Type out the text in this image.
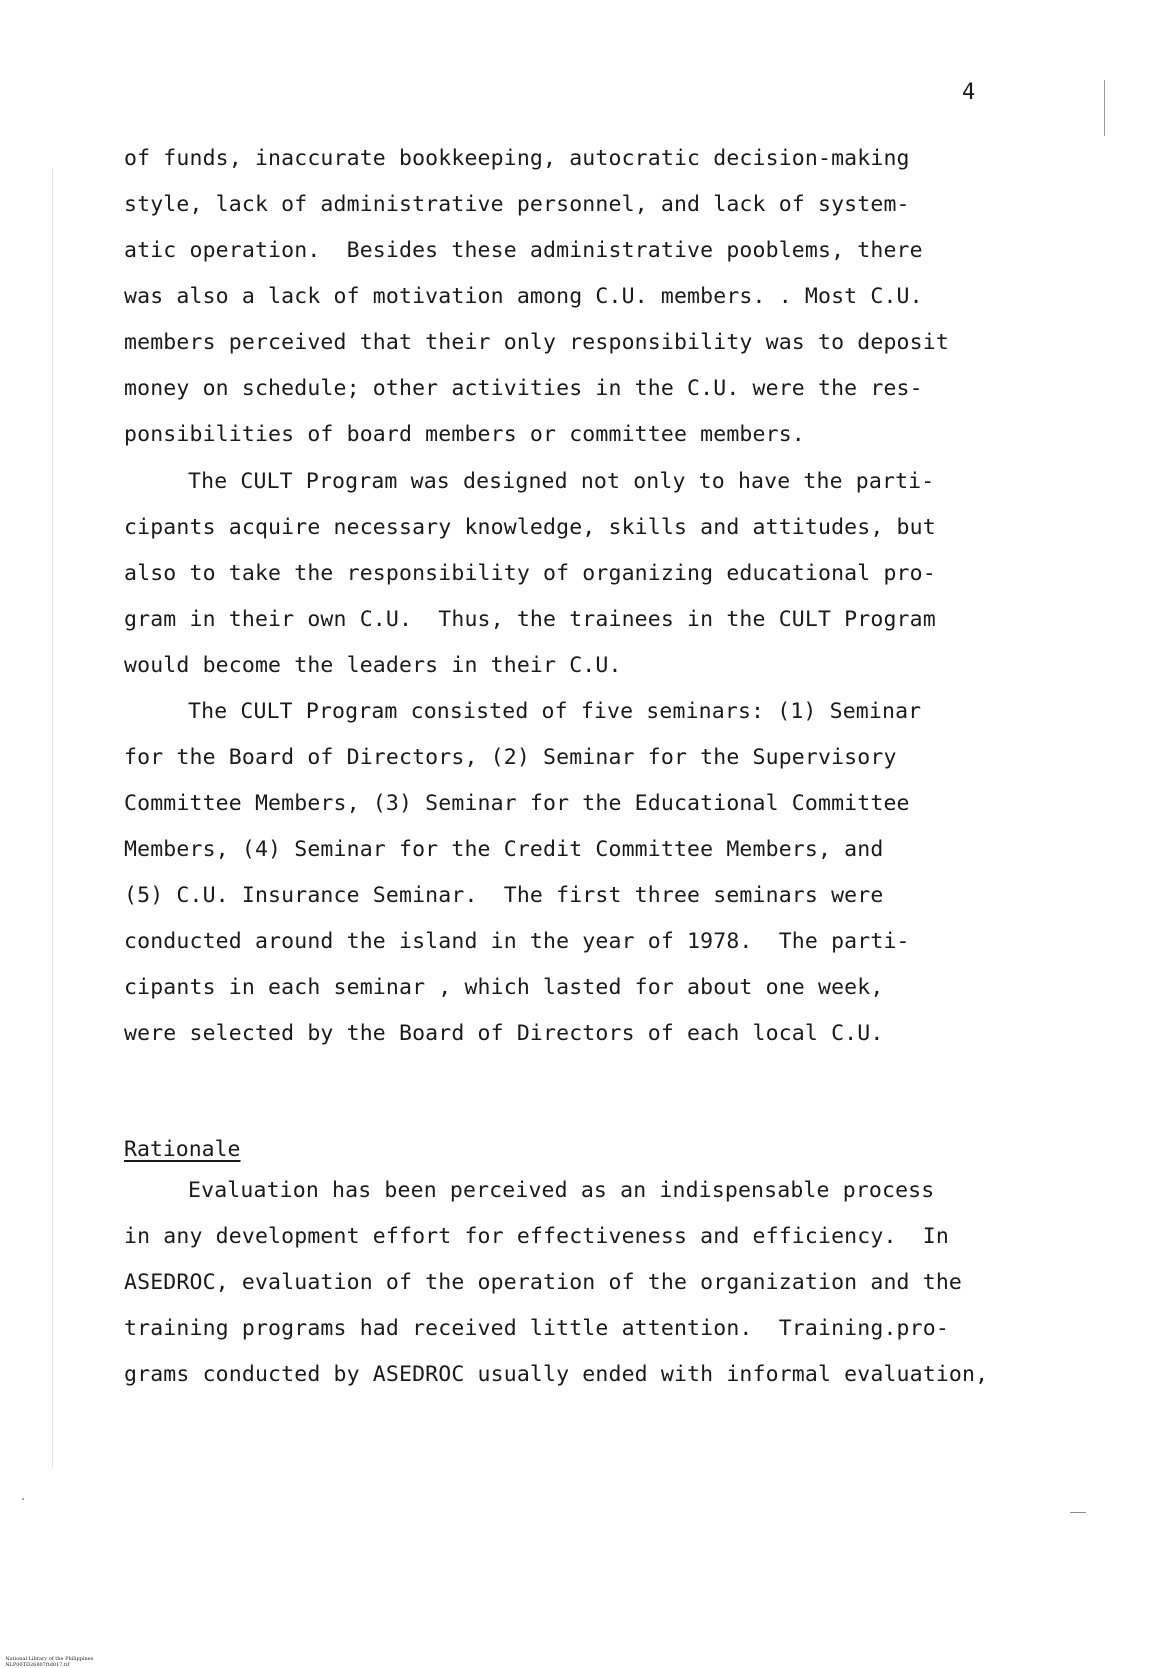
4
of funds, inaccurate bookkeeping, autocratic decision-making
style, lack of administrative personnel, and lack of system-
atic operation.  Besides these administrative pooblems, there
was also a lack of motivation among C.U. members. . Most C.U.
members perceived that their only responsibility was to deposit
money on schedule; other activities in the C.U. were the res-
ponsibilities of board members or committee members.
The CULT Program was designed not only to have the parti-
cipants acquire necessary knowledge, skills and attitudes, but
also to take the responsibility of organizing educational pro-
gram in their own C.U.  Thus, the trainees in the CULT Program
would become the leaders in their C.U.
The CULT Program consisted of five seminars: (1) Seminar
for the Board of Directors, (2) Seminar for the Supervisory
Committee Members, (3) Seminar for the Educational Committee
Members, (4) Seminar for the Credit Committee Members, and
(5) C.U. Insurance Seminar.  The first three seminars were
conducted around the island in the year of 1978.  The parti-
cipants in each seminar , which lasted for about one week,
were selected by the Board of Directors of each local C.U.
Rationale
Evaluation has been perceived as an indispensable process
in any development effort for effectiveness and efficiency.  In
ASEDROC, evaluation of the operation of the organization and the
training programs had received little attention.  Training.pro-
grams conducted by ASEDROC usually ended with informal evaluation,

National Library of the Philippines
NLP00TD26807ftd017.tif
